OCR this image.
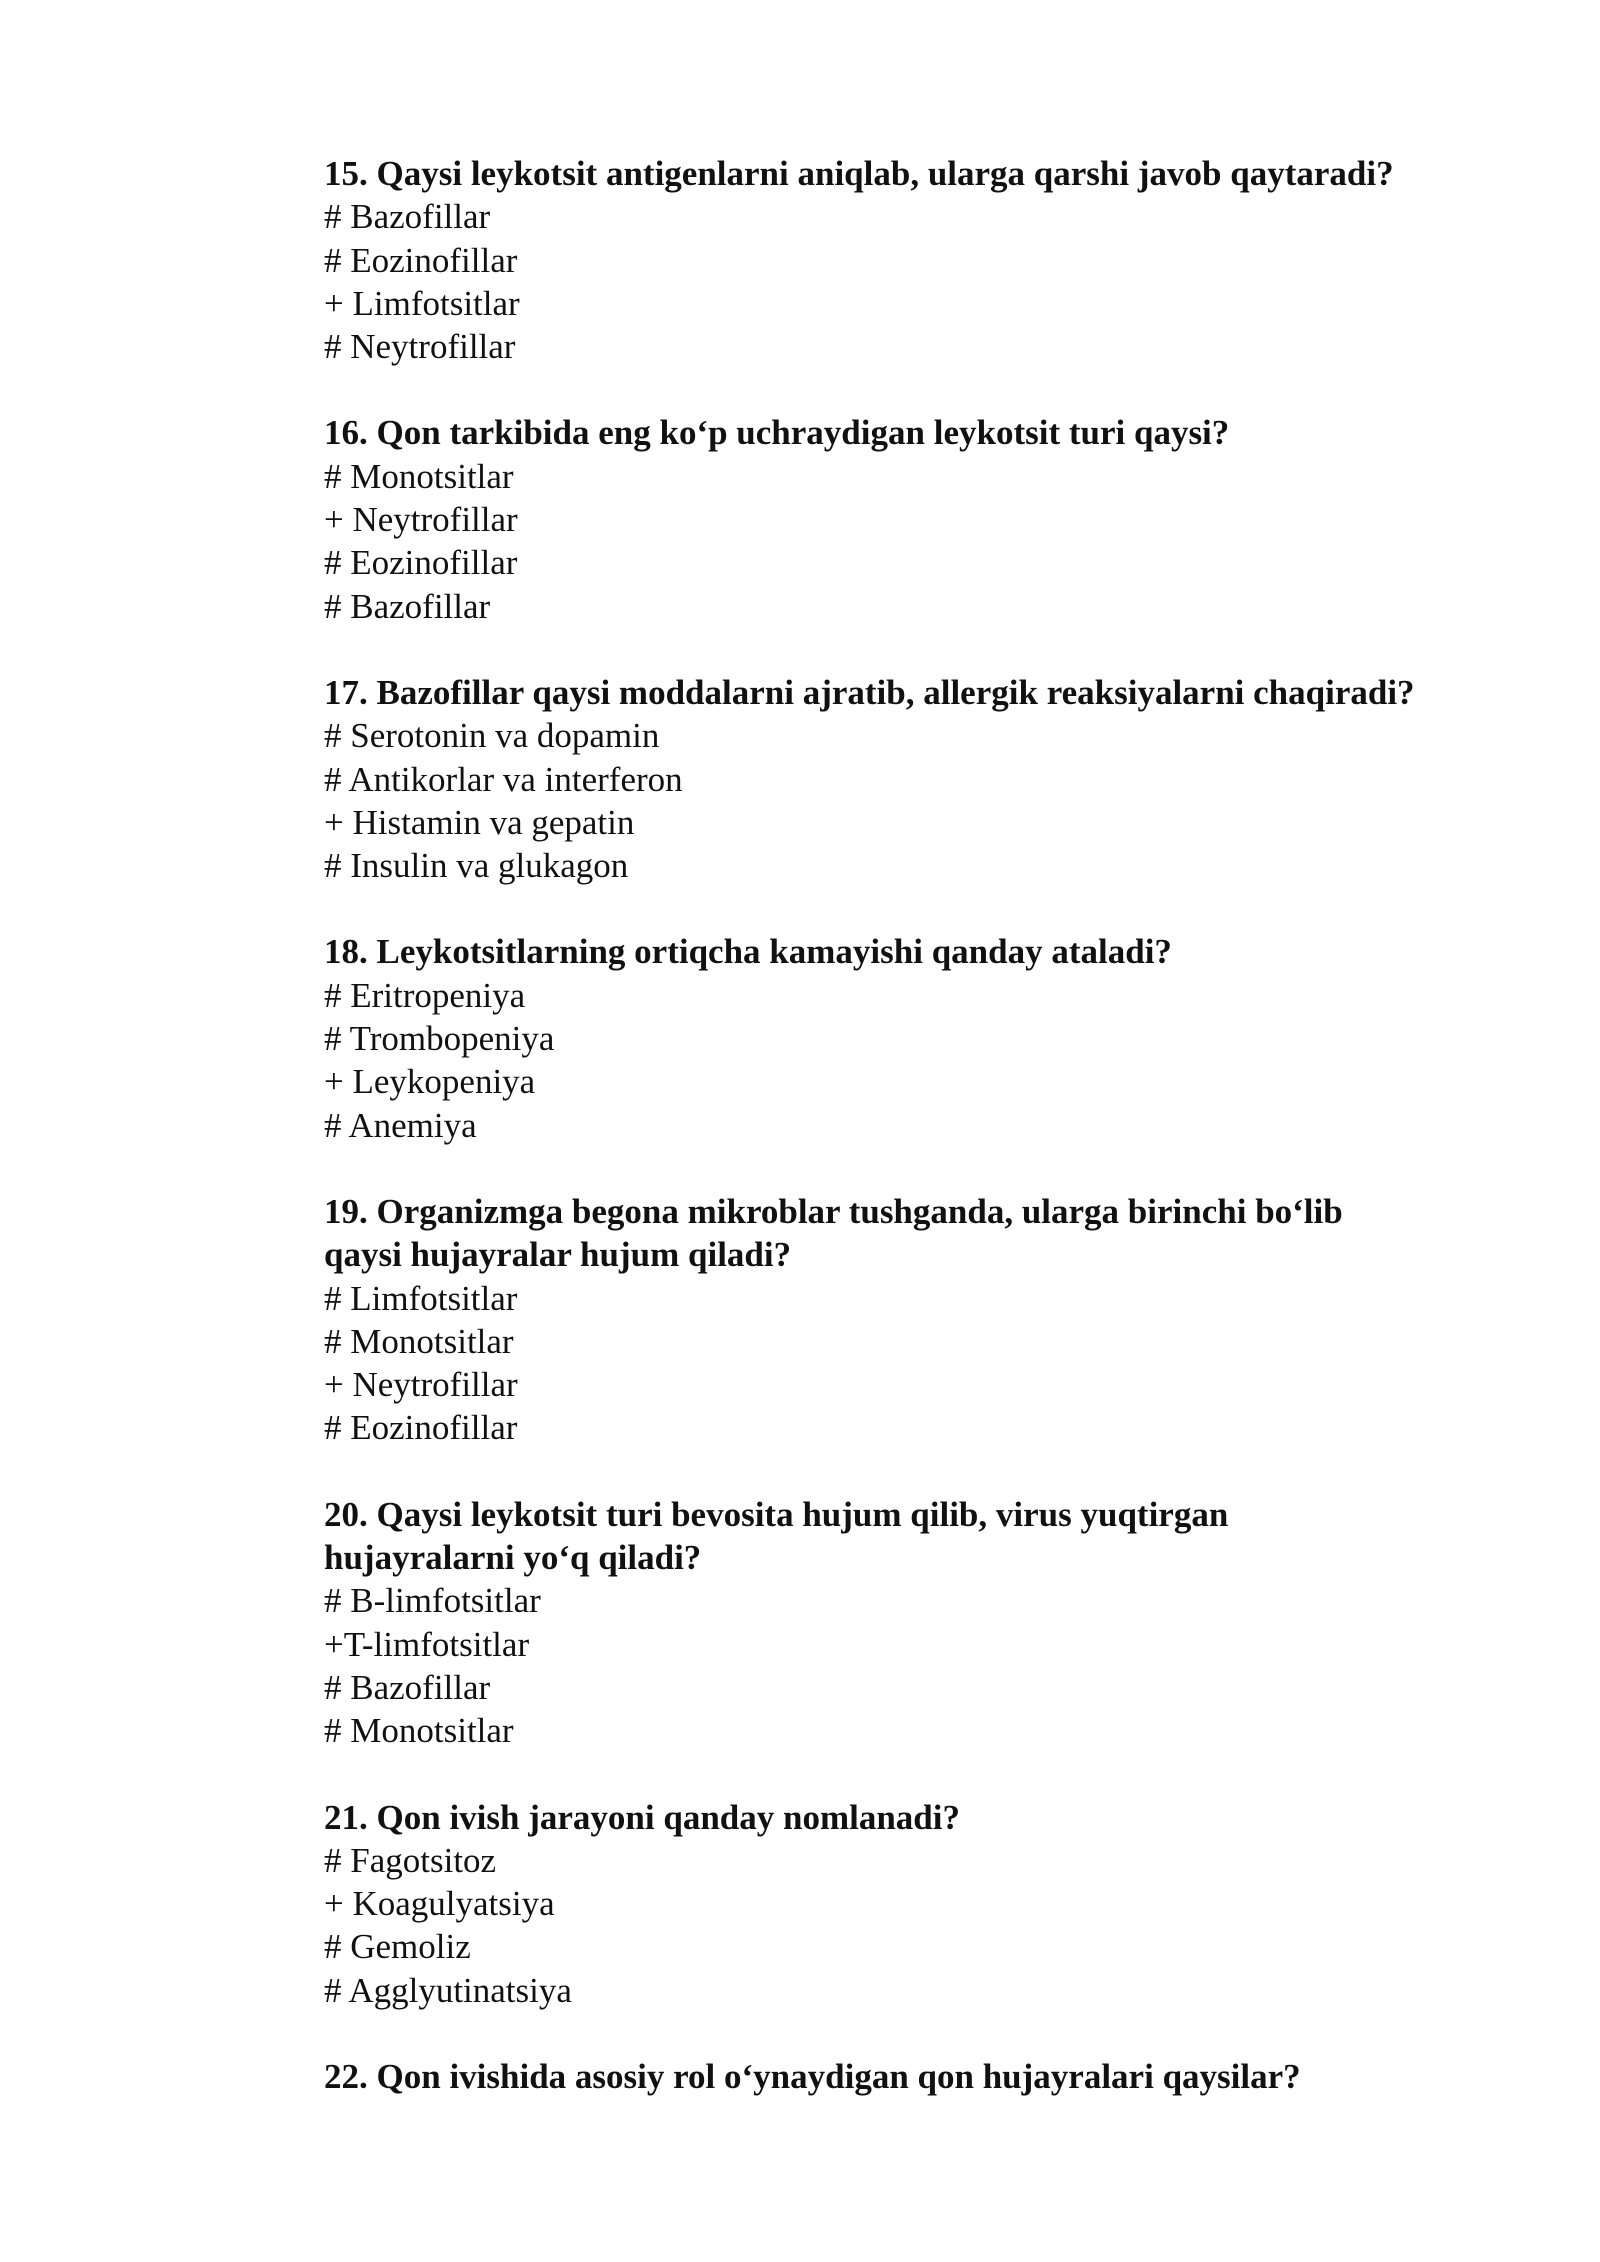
15. Qaysi leykotsit antigenlarni aniqlab, ularga qarshi javob qaytaradi?

# Bazofillar

# Eozinofillar

+ Limfotsitlar

# Neytrofillar

16. Qon tarkibida eng ko‘p uchraydigan leykotsit turi qaysi?

# Monotsitlar

+ Neytrofillar

# Eozinofillar

# Bazofillar

17. Bazofillar qaysi moddalarni ajratib, allergik reaksiyalarni chaqiradi?

# Serotonin va dopamin

# Antikorlar va interferon

+ Histamin va gepatin

# Insulin va glukagon

18. Leykotsitlarning ortiqcha kamayishi qanday ataladi?

# Eritropeniya

# Trombopeniya

+ Leykopeniya

# Anemiya

19. Organizmga begona mikroblar tushganda, ularga birinchi bo‘lib

qaysi hujayralar hujum qiladi?

# Limfotsitlar

# Monotsitlar

+ Neytrofillar

# Eozinofillar

20. Qaysi leykotsit turi bevosita hujum qilib, virus yuqtirgan

hujayralarni yo‘q qiladi?

# B-limfotsitlar

+T-limfotsitlar

# Bazofillar

# Monotsitlar

21. Qon ivish jarayoni qanday nomlanadi?

# Fagotsitoz

+ Koagulyatsiya

# Gemoliz

# Agglyutinatsiya

22. Qon ivishida asosiy rol o‘ynaydigan qon hujayralari qaysilar?
